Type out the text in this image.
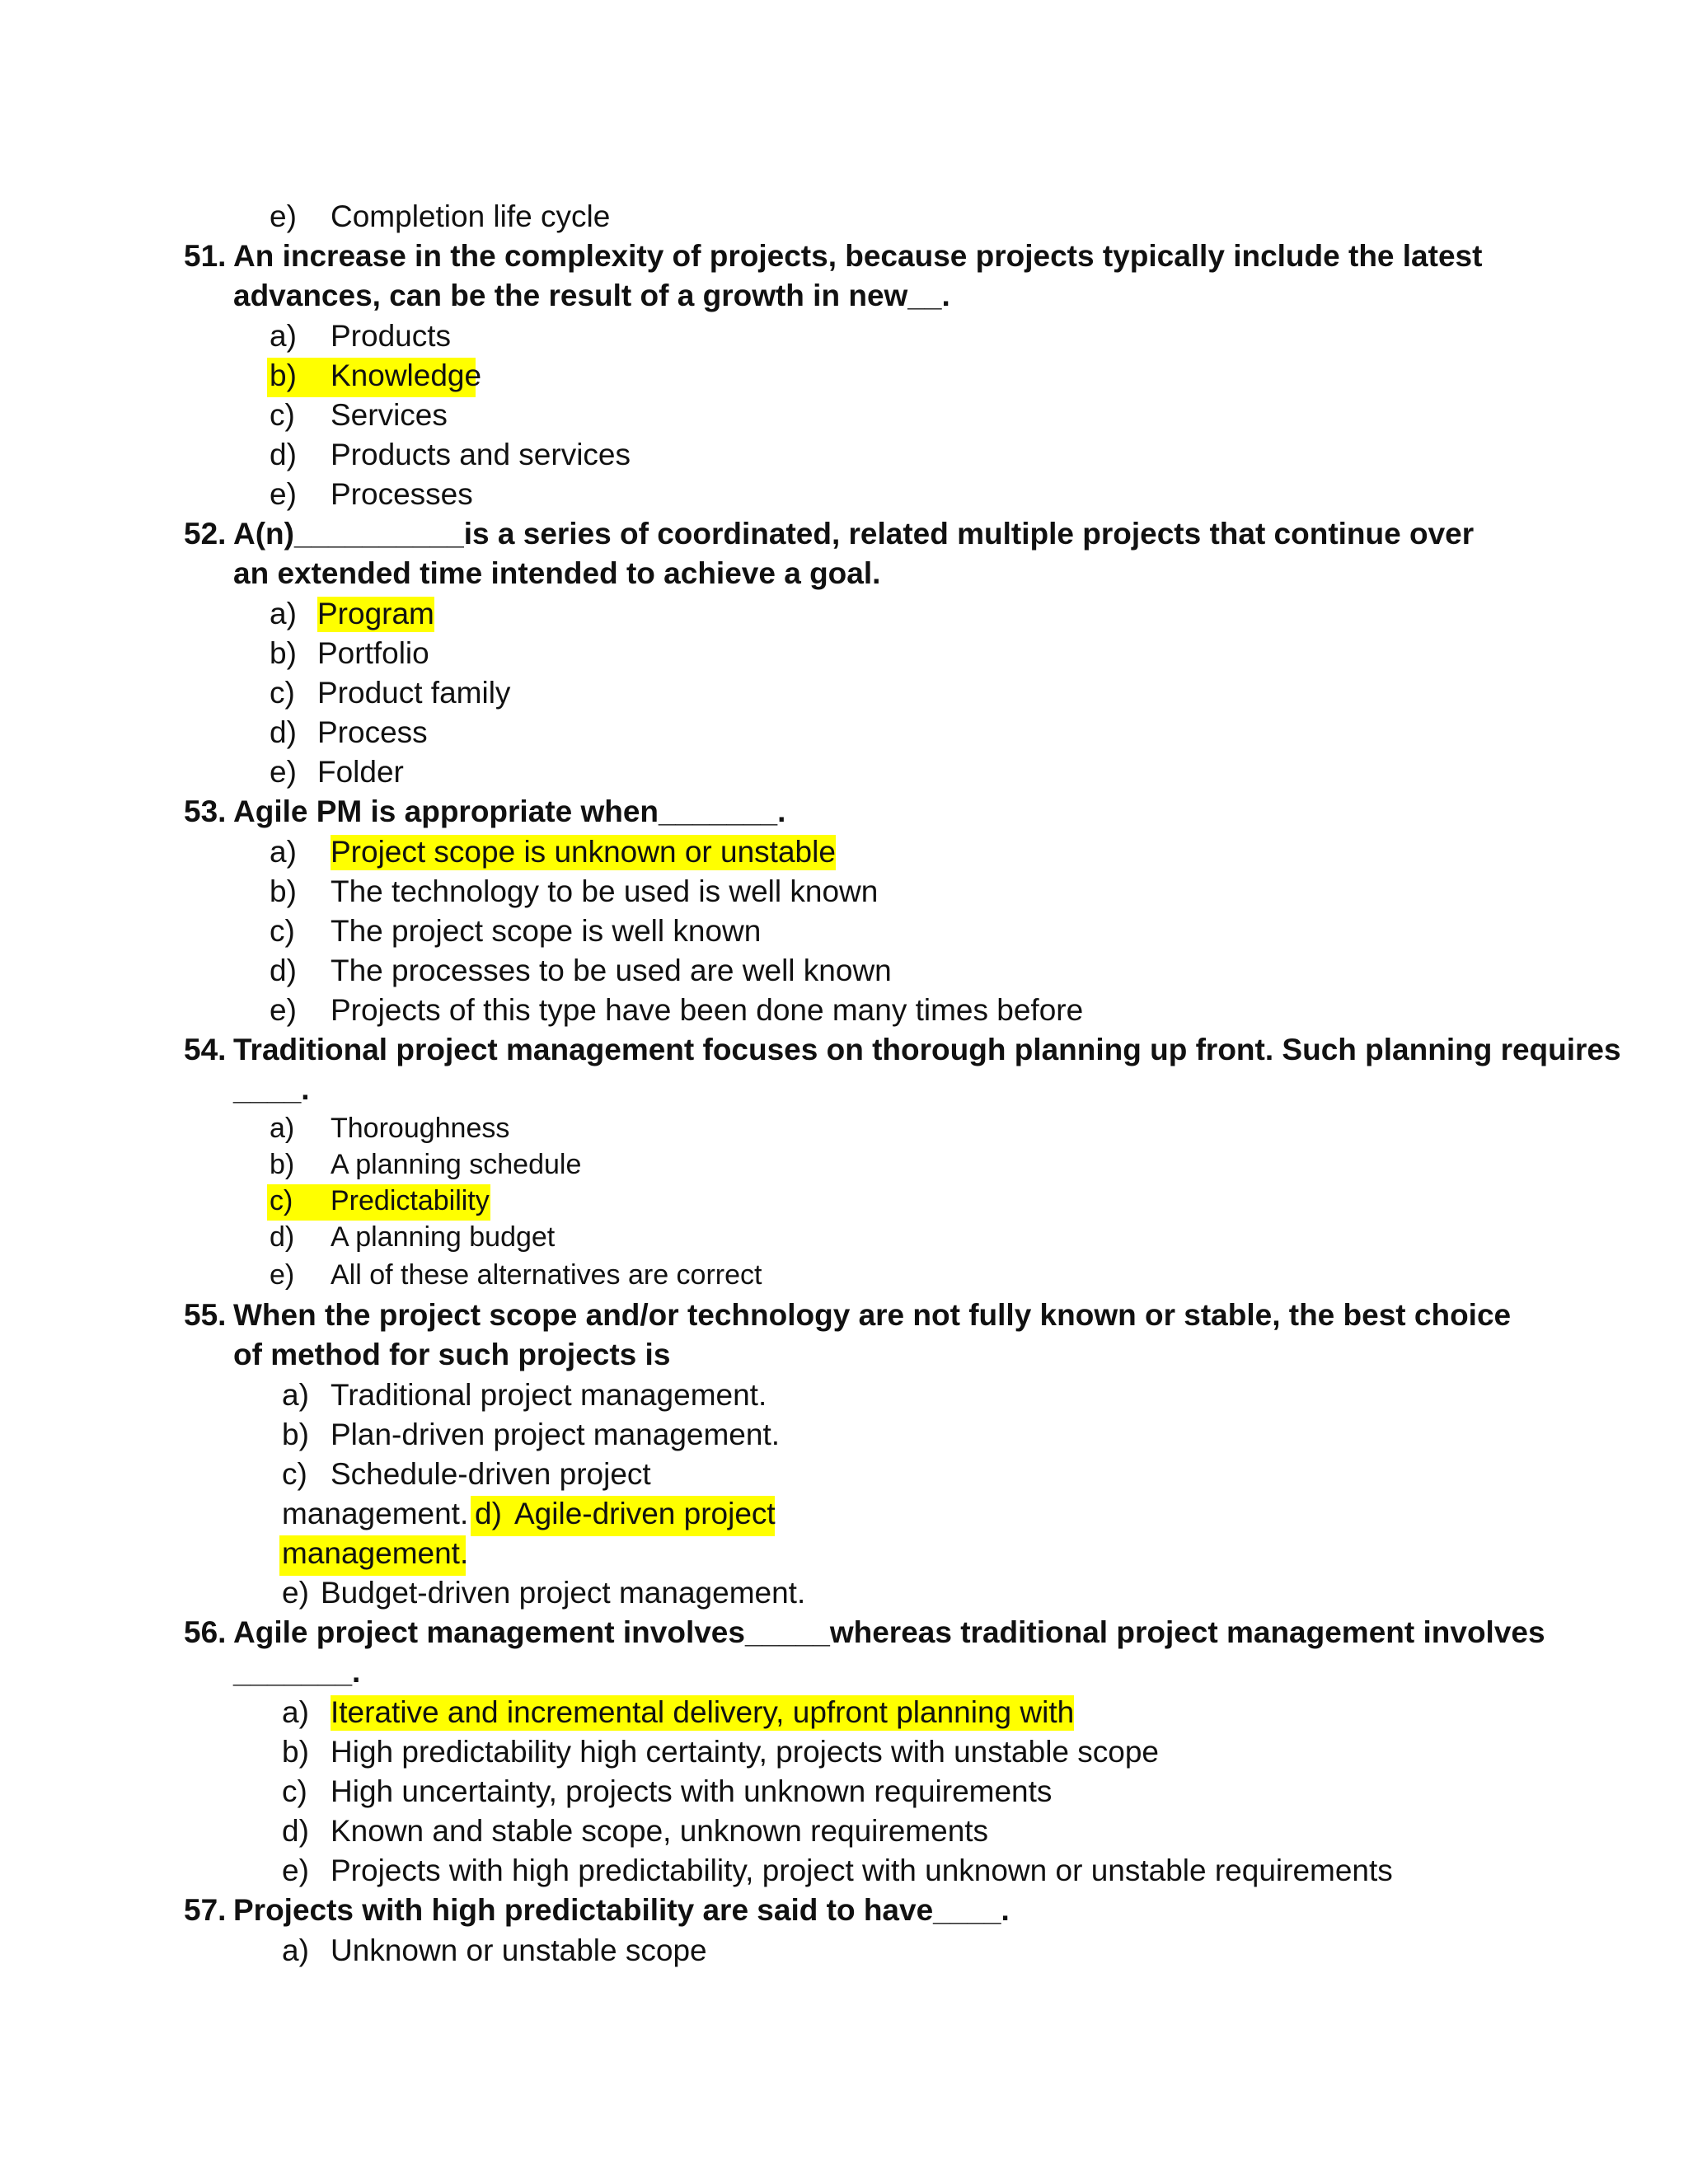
e) Completion life cycle
51. An increase in the complexity of projects, because projects typically include the latest
advances, can be the result of a growth in new__.
a) Products
b) Knowledge
c) Services
d) Products and services
e) Processes
52. A(n)__________is a series of coordinated, related multiple projects that continue over
an extended time intended to achieve a goal.
a) Program
b) Portfolio
c) Product family
d) Process
e) Folder
53. Agile PM is appropriate when_______.
a) Project scope is unknown or unstable
b) The technology to be used is well known
c) The project scope is well known
d) The processes to be used are well known
e) Projects of this type have been done many times before
54. Traditional project management focuses on thorough planning up front. Such planning requires
____.
a) Thoroughness
b) A planning schedule
c) Predictability
d) A planning budget
e) All of these alternatives are correct
55. When the project scope and/or technology are not fully known or stable, the best choice
of method for such projects is
a) Traditional project management.
b) Plan-driven project management.
c) Schedule-driven project
management. d) Agile-driven project
management.
e) Budget-driven project management.
56. Agile project management involves_____whereas traditional project management involves
_______.
a) Iterative and incremental delivery, upfront planning with
b) High predictability high certainty, projects with unstable scope
c) High uncertainty, projects with unknown requirements
d) Known and stable scope, unknown requirements
e) Projects with high predictability, project with unknown or unstable requirements
57. Projects with high predictability are said to have____.
a) Unknown or unstable scope
